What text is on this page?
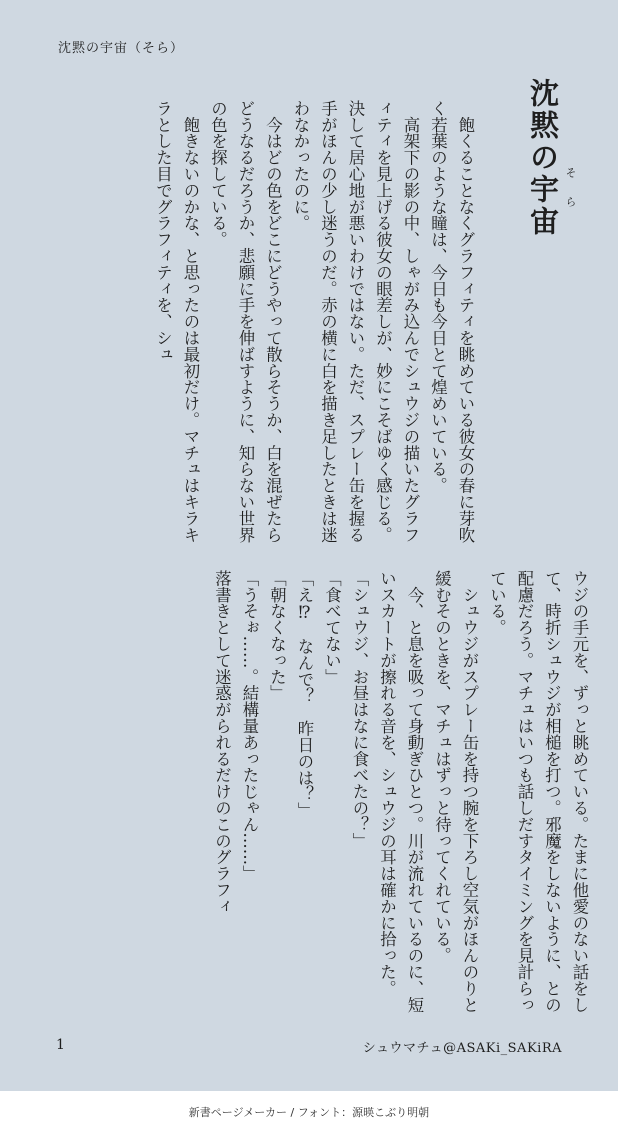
沈黙の宇宙（そら）
沈黙の宇宙 そら

　飽くることなくグラフィティを眺めている彼女の春に芽吹く若葉のような瞳は、今日も今日とて煌めいている。

　高架下の影の中、しゃがみ込んでシュウジの描いたグラフィティを見上げる彼女の眼差しが、妙にこそばゆく感じる。決して居心地が悪いわけではない。ただ、スプレー缶を握る手がほんの少し迷うのだ。赤の横に白を描き足したときは迷わなかったのに。

　今はどの色をどこにどうやって散らそうか、白を混ぜたらどうなるだろうか、悲願に手を伸ばすように、知らない世界の色を探している。

　飽きないのかな、と思ったのは最初だけ。マチュはキラキラとした目でグラフィティを、シュ

ウジの手元を、ずっと眺めている。たまに他愛のない話をして、時折シュウジが相槌を打つ。邪魔をしないように、との配慮だろう。マチュはいつも話しだすタイミングを見計らっている。

　シュウジがスプレー缶を持つ腕を下ろし空気がほんのりと緩むそのときを、マチュはずっと待ってくれている。

　今、と息を吸って身動ぎひとつ。川が流れているのに、短いスカートが擦れる音を、シュウジの耳は確かに拾った。

「シュウジ、お昼はなに食べたの？」

「食べてない」

「え⁉　なんで？　昨日のは？」

「朝なくなった」

「うそぉ……。結構量あったじゃん……」

落書きとして迷惑がられるだけのこのグラフィ

1	シュウマチュ@ASAKi_SAKiRA
新書ページメーカー / フォント：源暎こぶり明朝
